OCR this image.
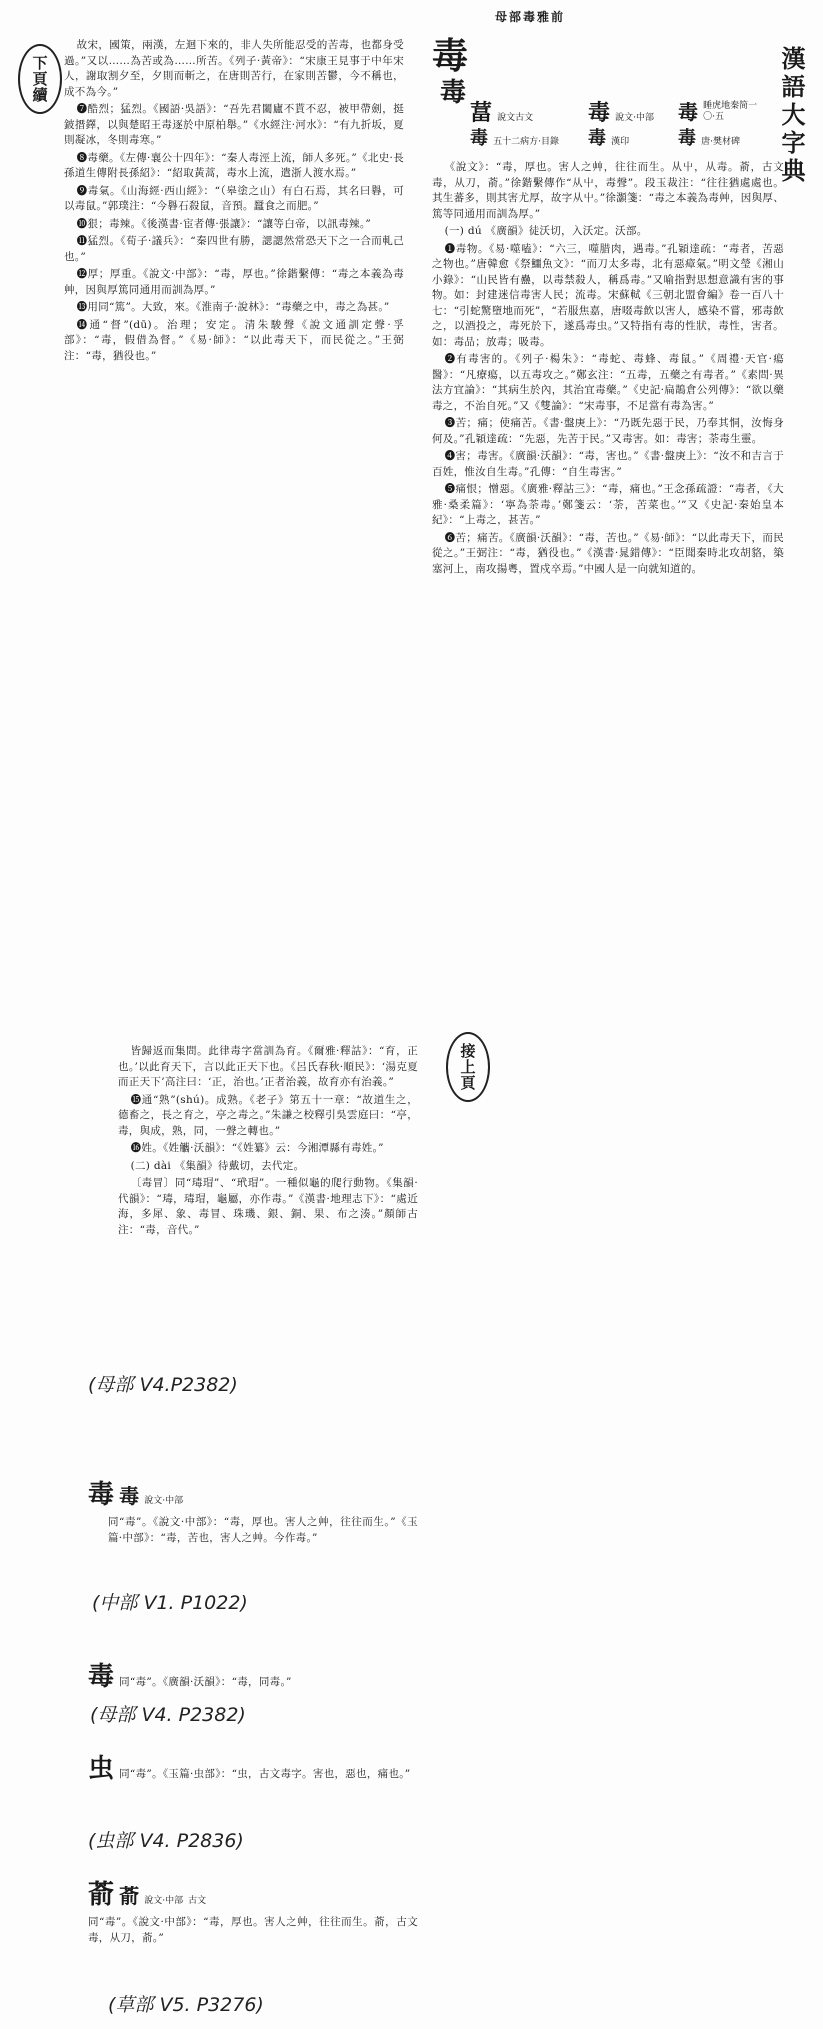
下頁續
母部毒雅前
漢語大字典
毒
毒
葍 說文古文 毒 說文·中部 毒 睡虎地秦简一〇·五
毒 五十二病方·目錄 毒 漢印	毒 唐·樊材碑

故宋，國策，兩漢，左迴下來的，非人失所能忍受的苦毒，也都身受過。”又以……為苦或為……所苦。《列子·黃帝》：“宋康王見事于中年宋人，謝取割夕至，夕則而斬之，在唐則苦行，在家則苦鬱，今不稱也，成不為今。”

❼酷烈；猛烈。《國語·吳語》：“吾先君闔廬不貰不忍，被甲帶劍，挺鈹搢鐸，以與楚昭王毒逐於中原柏舉。”《水經注·河水》：“有九折坂，夏則凝冰，冬則毒寒。”

❽毒藥。《左傳·襄公十四年》：“秦人毒涇上流，師人多死。”《北史·長孫道生傳附長孫紹》：“紹取黃蒿，毒水上流，遣浙人渡水焉。”

❾毒氣。《山海經·西山經》：“（皋塗之山）有白石焉，其名曰礜，可以毒鼠。”郭璞注：“今礜石殺鼠，音預。蠶食之而肥。”

❿狠；毒辣。《後漢書·宦者傳·張讓》：“讓等白帝，以訊毒辣。”

⓫猛烈。《荀子·議兵》：“秦四世有勝，諰諰然常恐天下之一合而軋己也。”

⓬厚；厚重。《說文·中部》：“毒，厚也。”徐鍇繫傳：“毒之本義為毒艸，因與厚篤同通用而訓為厚。”

⓭用同“篤”。大致，來。《淮南子·說林》：“毒藥之中，毒之為甚。”

⓮通“督”(dū)。治理；安定。清朱駿聲《說文通訓定聲·孚部》：“毒，假借為督。”《易·師》：“以此毒天下，而民從之。”王弼注：“毒，猶役也。”

《說文》：“毒，厚也。害人之艸，往往而生。从屮，从毒。萮，古文毒，从刀，萮。”徐鍇繫傳作“从屮，毒聲”。段玉裁注：“往往猶處處也。其生蕃多，則其害尤厚，故字从屮。”徐灝箋：“毒之本義為毒艸，因與厚、篤等同通用而訓為厚。”

(一) dú 《廣韻》徒沃切，入沃定。沃部。

❶毒物。《易·噬嗑》：“六三，噬腊肉，遇毒。”孔穎達疏：“毒者，苦惡之物也。”唐韓愈《祭鱷魚文》：“而刀太多毒，北有惡瘴氣。”明文瑩《湘山小錄》：“山民皆有蠱，以毒禁殺人，稱爲毒。”又喻指對思想意識有害的事物。如：封建迷信毒害人民；流毒。宋蘇軾《三朝北盟會編》卷一百八十七：“引蛇驚墮地而死”，“若服焦嘉，唐啜毒飲以害人，感染不嘗，邪毒飲之，以酒投之，毒死於下，遂爲毒虫。”又特指有毒的性狀，毒性，害者。如：毒品；放毒；吸毒。

❷有毒害的。《列子·楊朱》：“毒蛇、毒蜂、毒鼠。”《周禮·天官·瘍醫》：“凡療瘍，以五毒攻之。”鄭玄注：“五毒，五藥之有毒者。”《素問·異法方宜論》：“其病生於內，其治宜毒藥。”《史記·扁鵲倉公列傳》：“欲以藥毒之，不治自死。”又《雙論》：“宋毒事，不足當有毒為害。”

❸苦；痛；使痛苦。《書·盤庚上》：“乃既先惡于民，乃奉其恫，汝悔身何及。”孔穎達疏：“先惡，先苦于民。”又毒害。如：毒害；荼毒生靈。

❹害；毒害。《廣韻·沃韻》：“毒，害也。”《書·盤庚上》：“汝不和吉言于百姓，惟汝自生毒。”孔傳：“自生毒害。”

❺痛恨；憎惡。《廣雅·釋詁三》：“毒，痛也。”王念孫疏證：“毒者，《大雅·桑柔篇》：‘寧為荼毒。’鄭箋云：‘荼，苦菜也。’”又《史記·秦始皇本紀》：“上毒之，甚苦。”

❻苦；痛苦。《廣韻·沃韻》：“毒，苦也。”《易·師》：“以此毒天下，而民從之。”王弼注：“毒，猶役也。”《漢書·晁錯傳》：“臣聞秦時北攻胡貉，築塞河上，南攻揚粵，置戍卒焉。”中國人是一向就知道的。

接上頁

皆歸返而集問。此律毒字當訓為育。《爾雅·釋詁》：“育，正也。’以此育天下，言以此正天下也。《呂氏春秋·順民》：‘湯克夏而正天下’高注曰：‘正，治也。’正者治義，故育亦有治義。”

⓯通“熟”(shú)。成熟。《老子》第五十一章：“故道生之，德畜之，長之育之，亭之毒之。”朱謙之校釋引吳雲庭曰：“亭，毒，與成，熟，同，一聲之轉也。”

⓰姓。《姓觿·沃韻》：“《姓纂》云：今湘潭縣有毒姓。”

(二) dài 《集韻》待戴切，去代定。

〔毒冒〕同“瑇瑁”、“玳瑁”。一種似龜的爬行動物。《集韻·代韻》：“瑇，瑇瑁，龜屬，亦作毒。”《漢書·地理志下》：“處近海，多犀、象、毒冒、珠璣、銀、銅、果、布之湊。”顏師古注：“毒，音代。”

(母部 V4.P2382)
毒 毒 說文·中部
同“毒”。《說文·中部》：“毒，厚也。害人之艸，往往而生。”《玉篇·中部》：“毒，苦也，害人之艸。今作毒。”
(中部 V1. P1022)
毒 同“毒”。《廣韻·沃韻》：“毒，同毒。”
(母部 V4. P2382)
虫 同“毒”。《玉篇·虫部》：“虫，古文毒字。害也，惡也，痛也。”
(虫部 V4. P2836)
萮 萮 說文·中部 古文
同“毒”。《說文·中部》：“毒，厚也。害人之艸，往往而生。萮，古文毒，从刀，萮。”
(草部 V5. P3276)
